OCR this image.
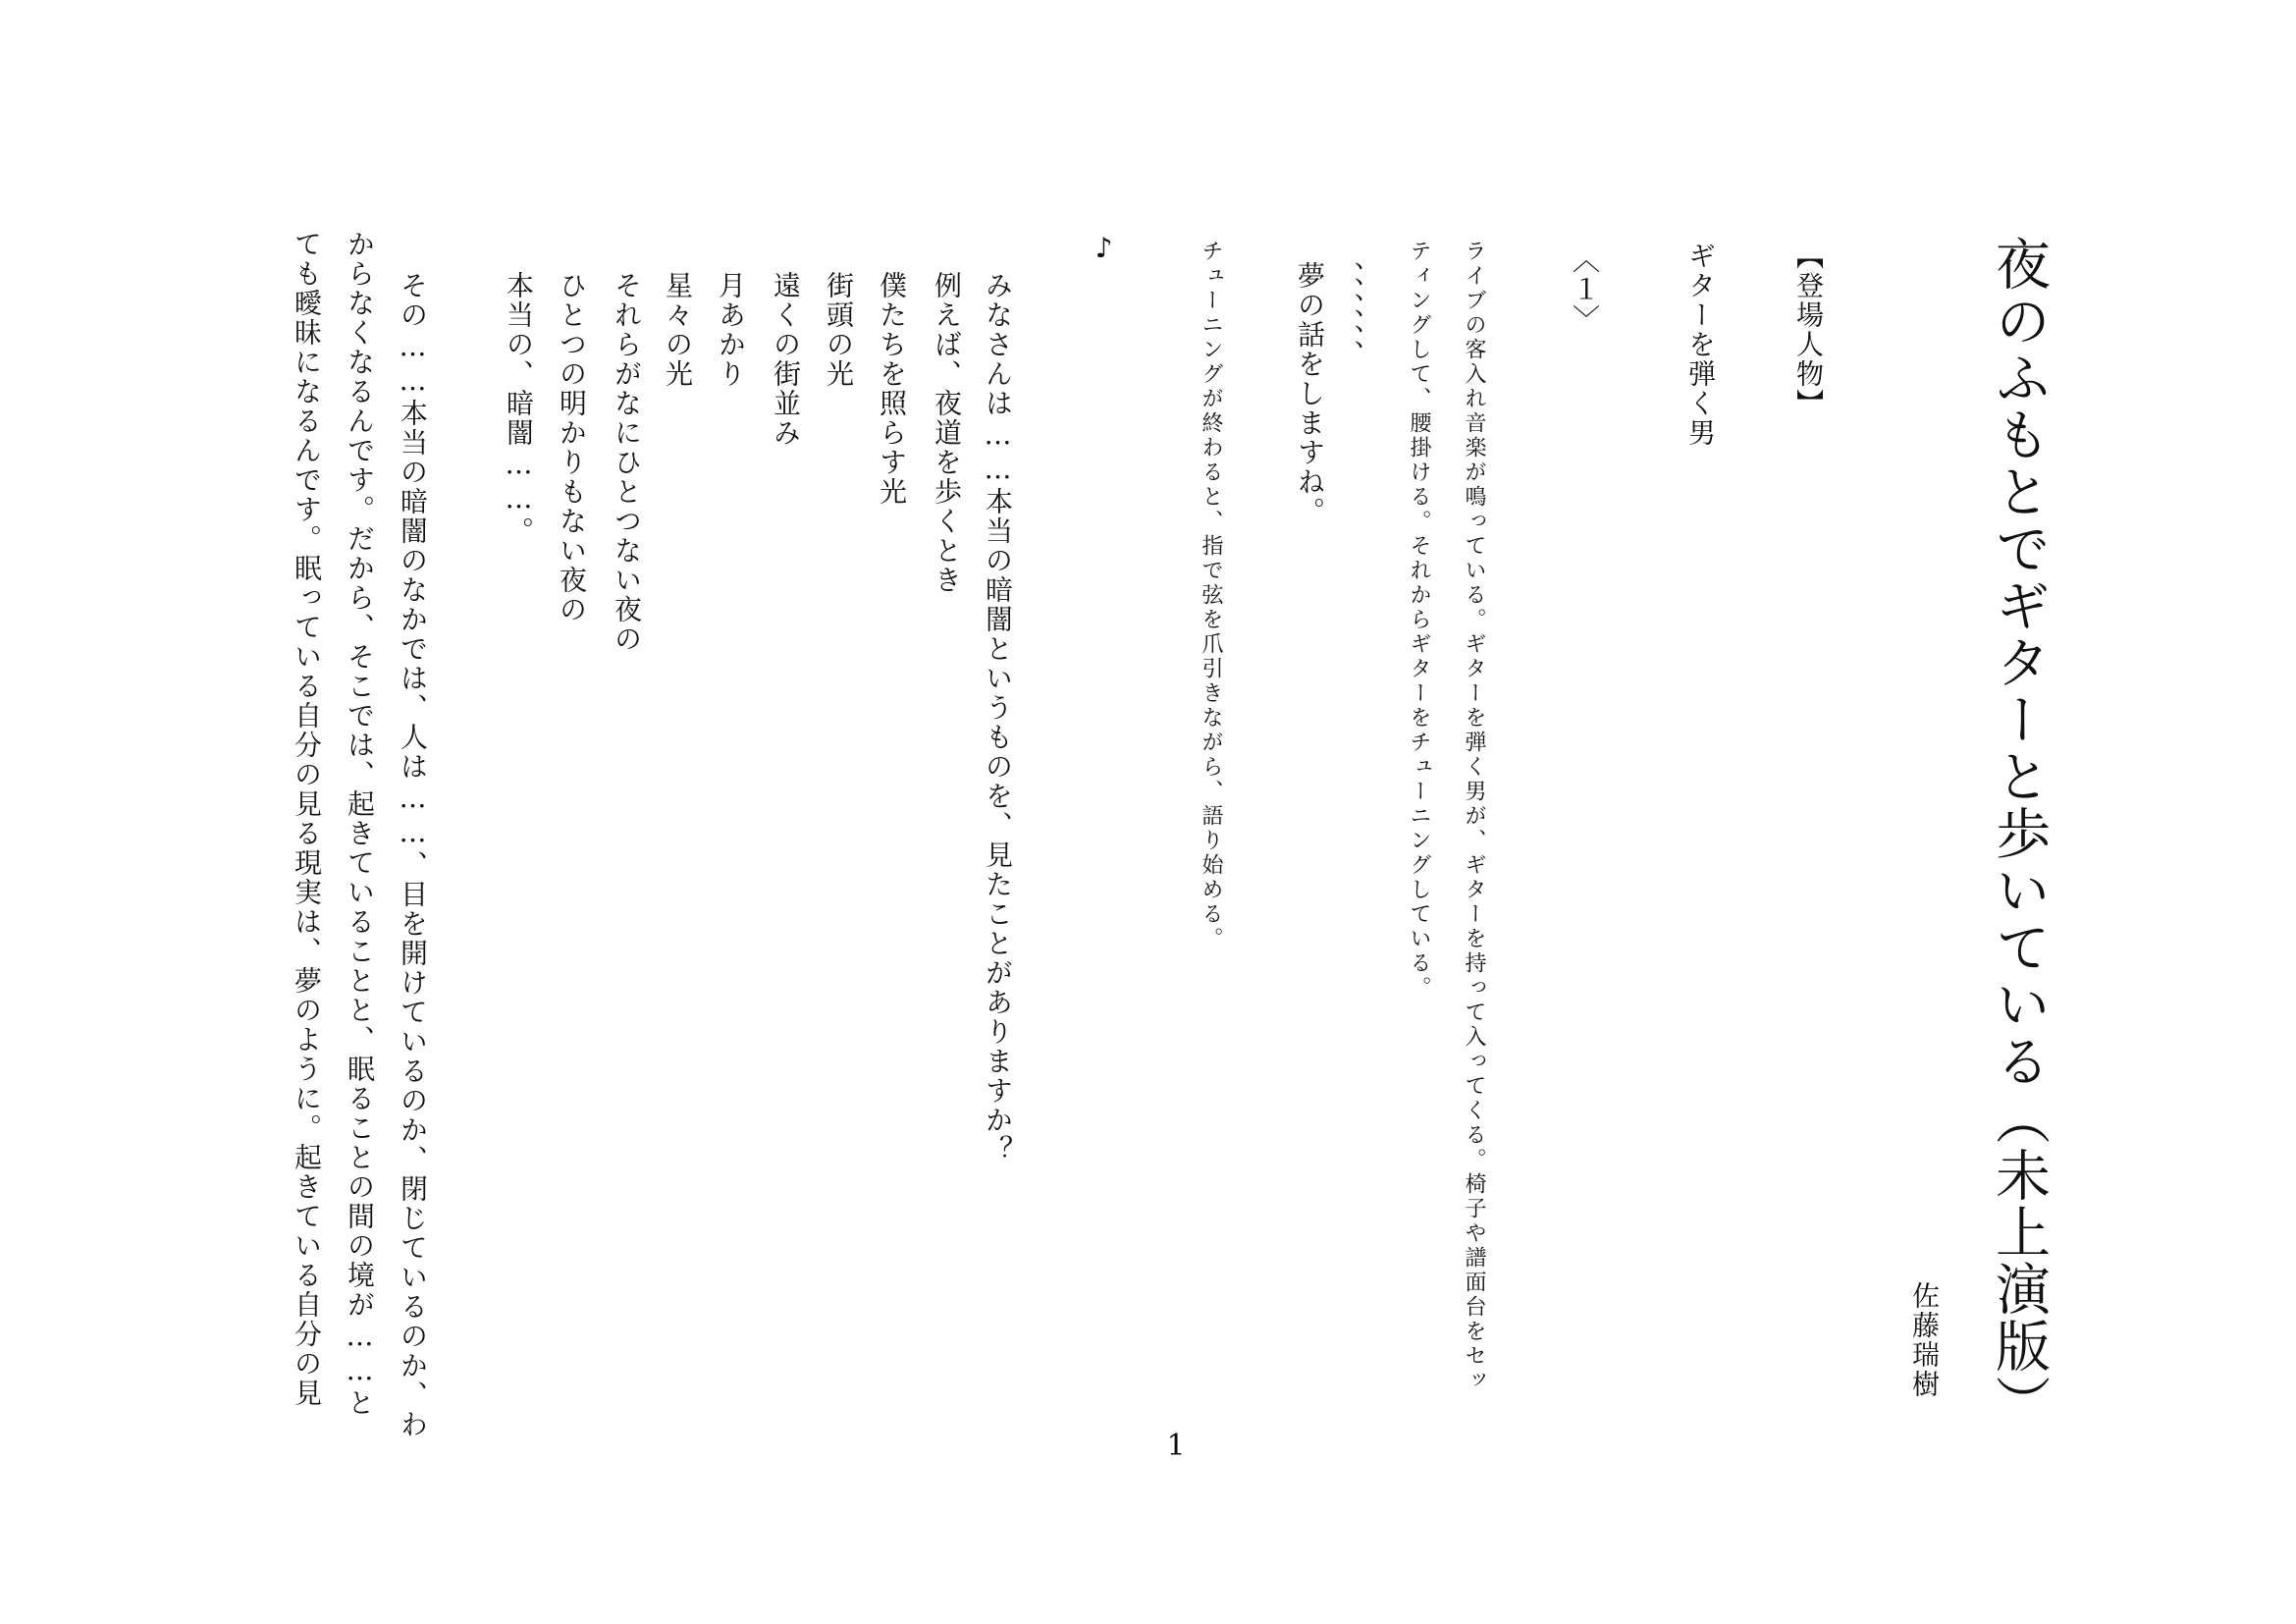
夜のふもとでギターと歩いている（未上演版）
佐藤瑞樹
【登場人物】
ギターを弾く男
〈１〉
ライブの客入れ音楽が鳴っている。ギターを弾く男が、ギターを持って入ってくる。椅子や譜面台をセッ
ティングして、腰掛ける。それからギターをチューニングしている。
、、、、、、
夢の話をしますね。
チューニングが終わると、指で弦を爪引きながら、語り始める。
♪
みなさんは……本当の暗闇というものを、見たことがありますか？
例えば、夜道を歩くとき
僕たちを照らす光
街頭の光
遠くの街並み
月あかり
星々の光
それらがなにひとつない夜の
ひとつの明かりもない夜の
本当の、暗闇……。
その……本当の暗闇のなかでは、人は……、目を開けているのか、閉じているのか、わ
からなくなるんです。だから、そこでは、起きていることと、眠ることの間の境が……と
ても曖昧になるんです。眠っている自分の見る現実は、夢のように。起きている自分の見
1
